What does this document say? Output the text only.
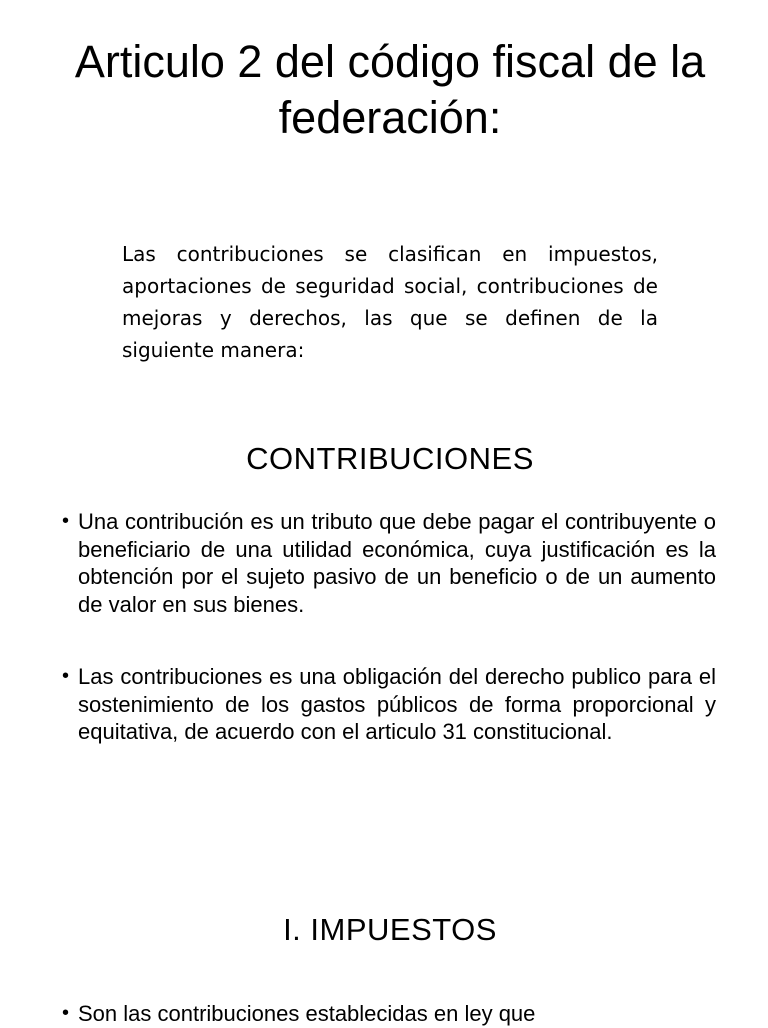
Articulo 2 del código fiscal de la federación:

Las contribuciones se clasifican en impuestos, aportaciones de seguridad social, contribuciones de mejoras y derechos, las que se definen de la siguiente manera:

CONTRIBUCIONES
• Una contribución es un tributo que debe pagar el contribuyente o beneficiario de una utilidad económica, cuya justificación es la obtención por el sujeto pasivo de un beneficio o de un aumento de valor en sus bienes.

• Las contribuciones es una obligación del derecho publico para el sostenimiento de los gastos públicos de forma proporcional y equitativa, de acuerdo con el articulo 31 constitucional.

I. IMPUESTOS
• Son las contribuciones establecidas en ley que
